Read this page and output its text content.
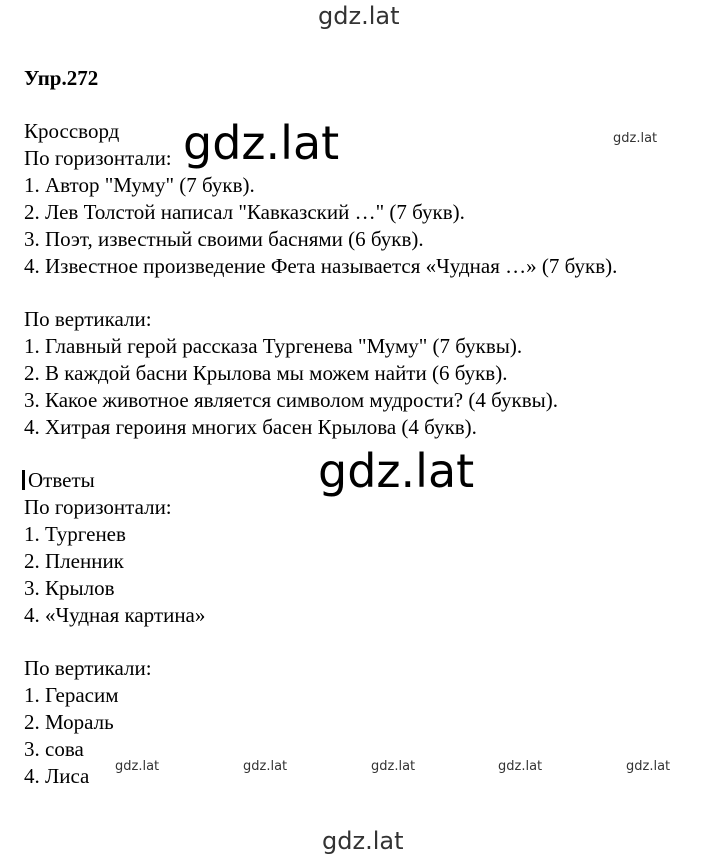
gdz.lat
Упр.272
Кроссворд
По горизонтали:
1. Автор "Муму" (7 букв).
2. Лев Толстой написал "Кавказский …" (7 букв).
3. Поэт, известный своими баснями (6 букв).
4. Известное произведение Фета называется «Чудная …» (7 букв).
По вертикали:
1. Главный герой рассказа Тургенева "Муму" (7 буквы).
2. В каждой басни Крылова мы можем найти (6 букв).
3. Какое животное является символом мудрости? (4 буквы).
4. Хитрая героиня многих басен Крылова (4 букв).
Ответы
По горизонтали:
1. Тургенев
2. Пленник
3. Крылов
4. «Чудная картина»
По вертикали:
1. Герасим
2. Мораль
3. сова
4. Лиса
gdz.lat	gdz.lat
gdz.lat
gdz.lat	gdz.lat	gdz.lat	gdz.lat	gdz.lat
gdz.lat
